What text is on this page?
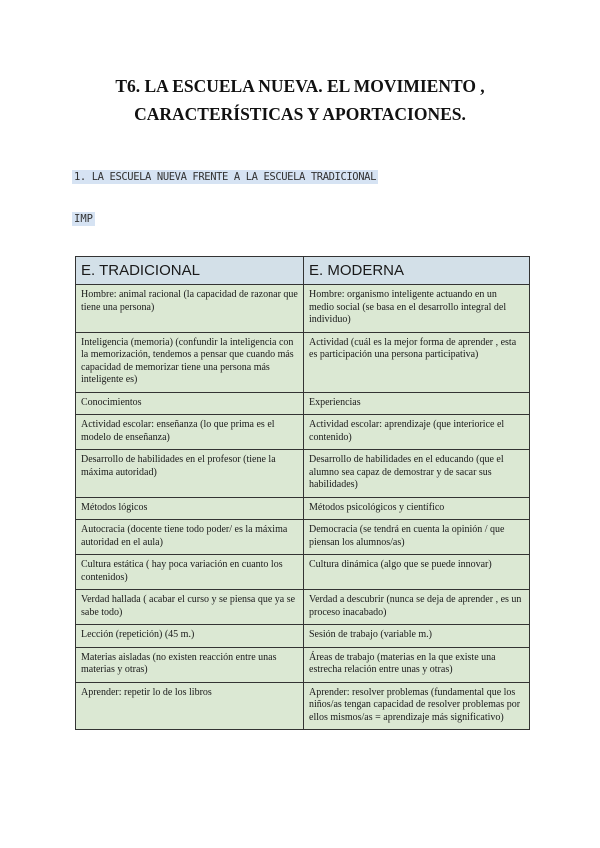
T6. LA ESCUELA NUEVA. EL MOVIMIENTO ,
CARACTERÍSTICAS Y APORTACIONES.
1. LA ESCUELA NUEVA FRENTE A LA ESCUELA TRADICIONAL
IMP
E. TRADICIONAL	E. MODERNA
Hombre: animal racional (la capacidad de razonar que tiene una persona)	Hombre: organismo inteligente actuando en un medio social (se basa en el desarrollo integral del individuo)
Inteligencia (memoria) (confundir la inteligencia con la memorización, tendemos a pensar que cuando más capacidad de memorizar tiene una persona más inteligente es)	Actividad (cuál es la mejor forma de aprender , esta es participación una persona participativa)
Conocimientos	Experiencias
Actividad escolar: enseñanza (lo que prima es el modelo de enseñanza)	Actividad escolar: aprendizaje (que interiorice el contenido)
Desarrollo de habilidades en el profesor (tiene la máxima autoridad)	Desarrollo de habilidades en el educando (que el alumno sea capaz de demostrar y de sacar sus habilidades)
Métodos lógicos	Métodos psicológicos y científico
Autocracia (docente tiene todo poder/ es la máxima autoridad en el aula)	Democracia (se tendrá en cuenta la opinión / que piensan los alumnos/as)
Cultura estática ( hay poca variación en cuanto los contenidos)	Cultura dinámica (algo que se puede innovar)
Verdad hallada ( acabar el curso y se piensa que ya se sabe todo)	Verdad a descubrir (nunca se deja de aprender , es un proceso inacabado)
Lección (repetición) (45 m.)	Sesión de trabajo (variable m.)
Materias aisladas (no existen reacción entre unas materias y otras)	Áreas de trabajo (materias en la que existe una estrecha relación entre unas y otras)
Aprender: repetir lo de los libros	Aprender: resolver problemas (fundamental que los niños/as tengan capacidad de resolver problemas por ellos mismos/as = aprendizaje más significativo)
